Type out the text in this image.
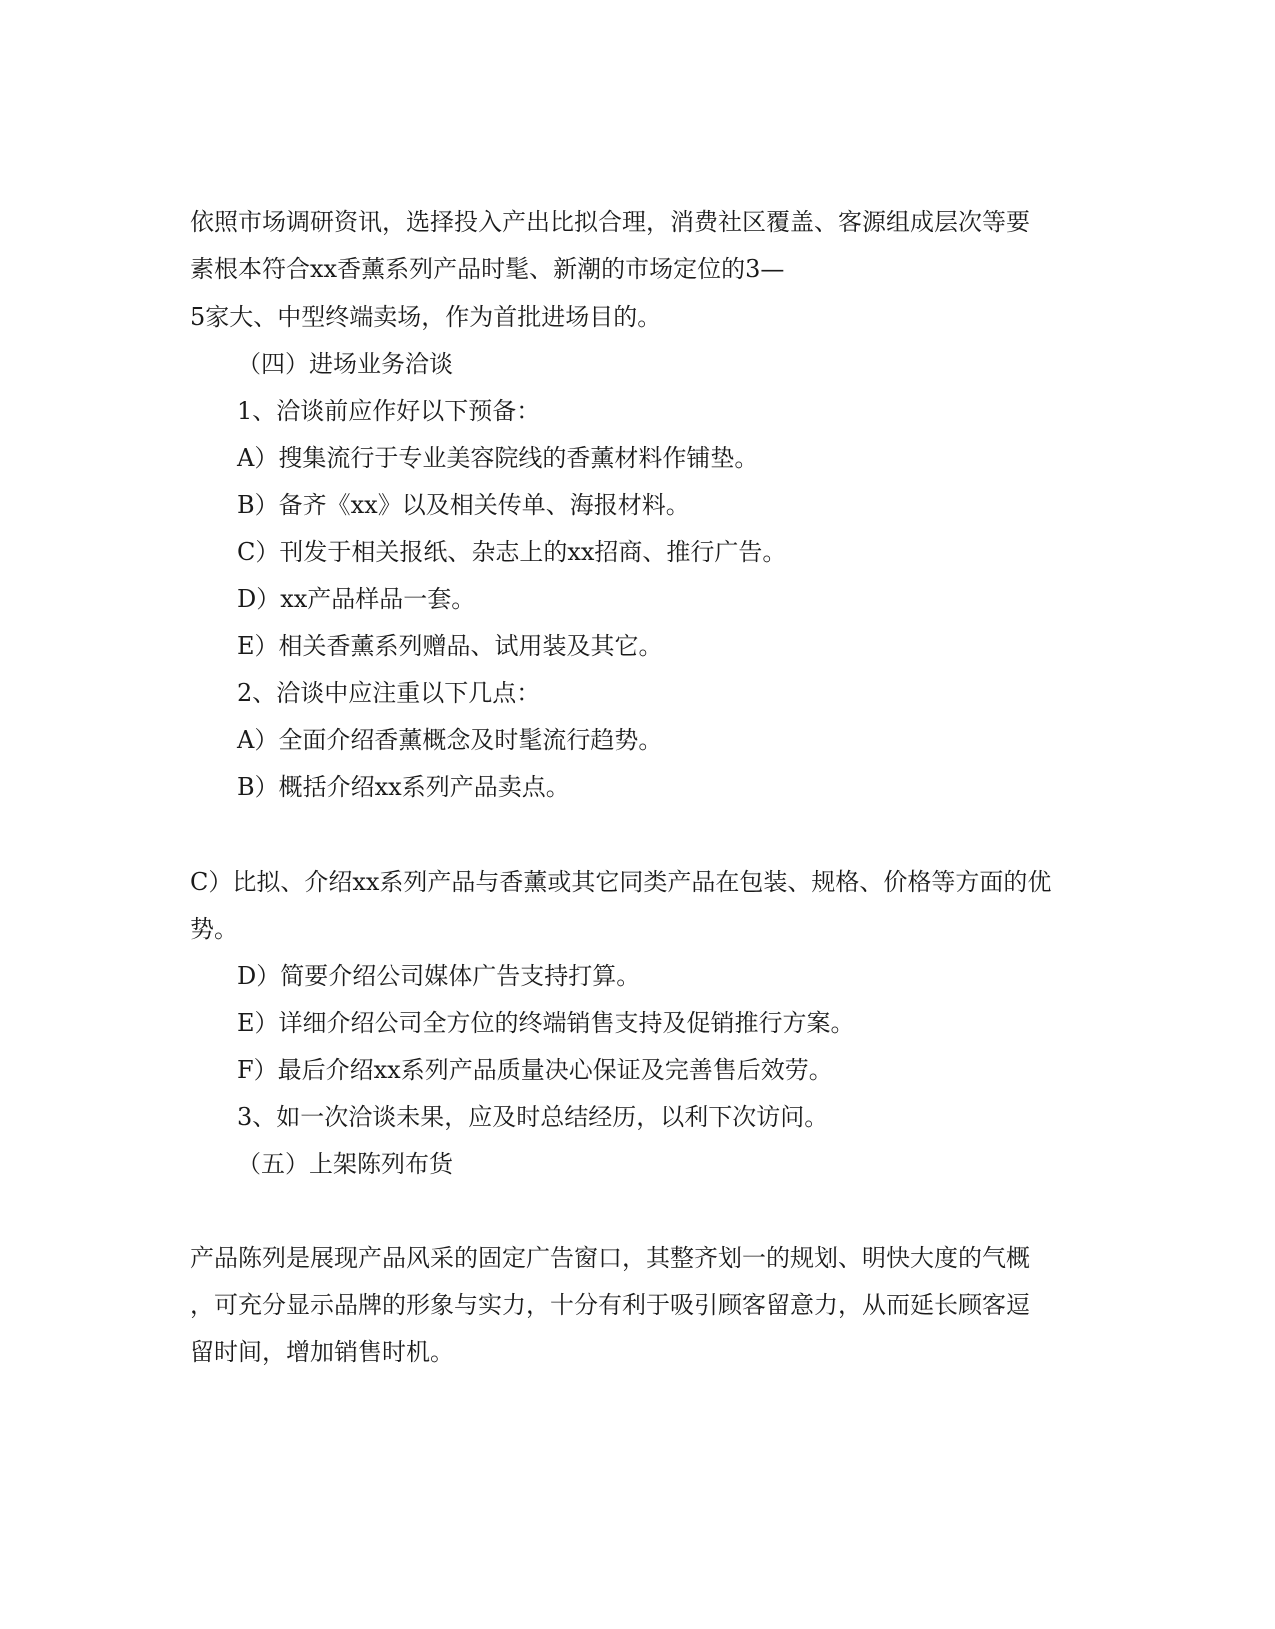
依照市场调研资讯，选择投入产出比拟合理，消费社区覆盖、客源组成层次等要
素根本符合xx香薰系列产品时髦、新潮的市场定位的3—
5家大、中型终端卖场，作为首批进场目的。
（四）进场业务洽谈
1、洽谈前应作好以下预备：
A）搜集流行于专业美容院线的香薰材料作铺垫。
B）备齐《xx》以及相关传单、海报材料。
C）刊发于相关报纸、杂志上的xx招商、推行广告。
D）xx产品样品一套。
E）相关香薰系列赠品、试用装及其它。
2、洽谈中应注重以下几点：
A）全面介绍香薰概念及时髦流行趋势。
B）概括介绍xx系列产品卖点。
C）比拟、介绍xx系列产品与香薰或其它同类产品在包装、规格、价格等方面的优
势。
D）简要介绍公司媒体广告支持打算。
E）详细介绍公司全方位的终端销售支持及促销推行方案。
F）最后介绍xx系列产品质量决心保证及完善售后效劳。
3、如一次洽谈未果，应及时总结经历，以利下次访问。
（五）上架陈列布货
产品陈列是展现产品风采的固定广告窗口，其整齐划一的规划、明快大度的气概
，可充分显示品牌的形象与实力，十分有利于吸引顾客留意力，从而延长顾客逗
留时间，增加销售时机。
